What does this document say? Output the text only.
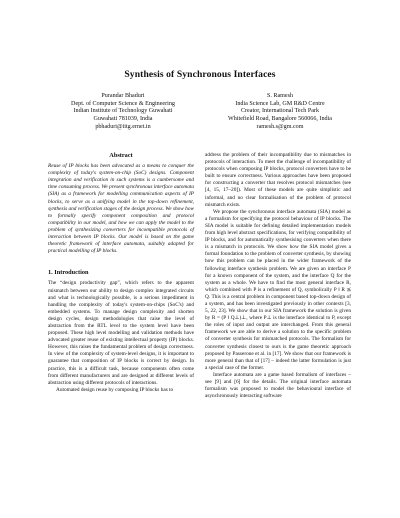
Synthesis of Synchronous Interfaces
Purandar Bhaduri
Dept. of Computer Science & Engineering
Indian Institute of Technology Guwahati
Guwahati 781039, India
pbhaduri@iitg.ernet.in
S. Ramesh
India Science Lab, GM R&D Centre
Creator, International Tech Park
Whitefield Road, Bangalore 560066, India
ramesh.s@gm.com
Abstract

Reuse of IP blocks has been advocated as a means to conquer the complexity of today's system-on-chip (SoC) designs. Component integration and verification in such systems is a cumbersome and time consuming process. We present synchronous interface automata (SIA) as a framework for modelling communication aspects of IP blocks, to serve as a unifying model in the top-down refinement, synthesis and verification stages of the design process. We show how to formally specify component composition and protocol compatibility in our model, and how we can apply the model to the problem of synthesizing converters for incompatible protocols of interaction between IP blocks. Our model is based on the game theoretic framework of interface automata, suitably adapted for practical modelling of IP blocks.

1. Introduction

The “design productivity gap”, which refers to the apparent mismatch between our ability to design complex integrated circuits and what is technologically possible, is a serious impediment in handling the complexity of today's system-on-chips (SoC's) and embedded systems. To manage design complexity and shorten design cycles, design methodologies that raise the level of abstraction from the RTL level to the system level have been proposed. These high level modelling and validation methods have advocated greater reuse of existing intellectual property (IP) blocks. However, this raises the fundamental problem of design correctness. In view of the complexity of system-level designs, it is important to guarantee that composition of IP blocks is correct by design. In practice, this is a difficult task, because components often come from different manufacturers and are designed at different levels of abstraction using different protocols of interactions.

Automated design reuse by composing IP blocks has to

address the problem of their incompatibility due to mismatches in protocols of interaction. To meet the challenge of incompatibility of protocols when composing IP blocks, protocol converters have to be built to ensure correctness. Various approaches have been proposed for constructing a converter that resolves protocol mismatches (see [4, 15, 17–20]). Most of these models are quite simplistic and informal, and no clear formalisation of the problem of protocol mismatch exists.

We propose the synchronous interface automata (SIA) model as a formalism for specifying the protocol behaviour of IP blocks. The SIA model is suitable for defining detailed implementation models from high level abstract specifications, for verifying compatibility of IP blocks, and for automatically synthesising converters when there is a mismatch in protocols. We show how the SIA model gives a formal foundation to the problem of converter synthesis, by showing how this problem can be placed in the wider framework of the following interface synthesis problem. We are given an interface P for a known component of the system, and the interface Q for the system as a whole. We have to find the most general interface R, which combined with P is a refinement of Q, symbolically P ‖ R ⪯ Q. This is a central problem in component based top-down design of a system, and has been investigated previously in other contexts [3, 5, 22, 23]. We show that in our SIA framework the solution is given by R = (P ‖ Q⊥)⊥, where P⊥ is the interface identical to P, except the roles of input and output are interchanged. From this general framework we are able to derive a solution to the specific problem of converter synthesis for mismatched protocols. The formalism for converter synthesis closest to ours is the game theoretic approach proposed by Passerone et al. in [17]. We show that our framework is more general than that of [17] – indeed the latter formulation is just a special case of the former.

Interface automata are a game based formalism of interfaces – see [9] and [6] for the details. The original interface automata formalism was proposed to model the behavioural interface of asynchronously interacting software
